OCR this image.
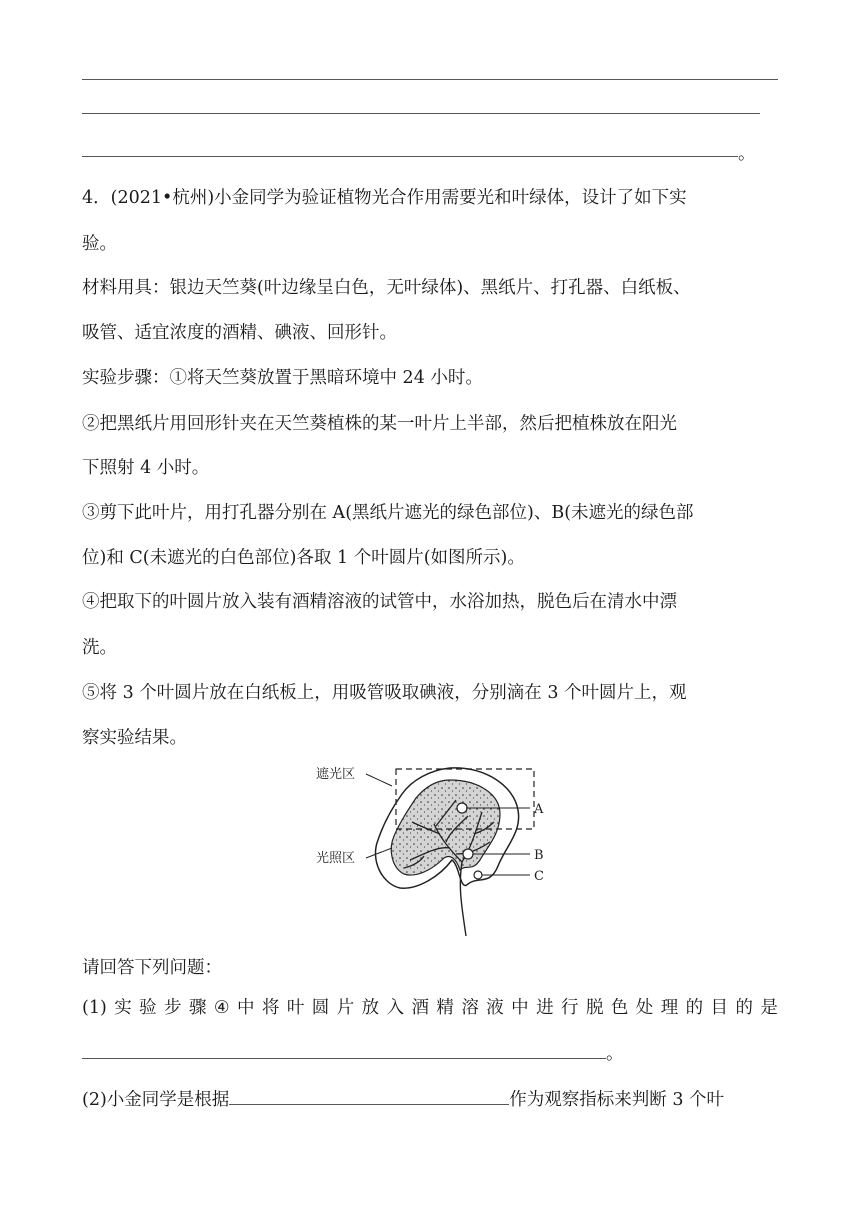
。
4．(2021•杭州)小金同学为验证植物光合作用需要光和叶绿体，设计了如下实
验。
材料用具：银边天竺葵(叶边缘呈白色，无叶绿体)、黑纸片、打孔器、白纸板、
吸管、适宜浓度的酒精、碘液、回形针。
实验步骤：①将天竺葵放置于黑暗环境中 24 小时。
②把黑纸片用回形针夹在天竺葵植株的某一叶片上半部，然后把植株放在阳光
下照射 4 小时。
③剪下此叶片，用打孔器分别在 A(黑纸片遮光的绿色部位)、B(未遮光的绿色部
位)和 C(未遮光的白色部位)各取 1 个叶圆片(如图所示)。
④把取下的叶圆片放入装有酒精溶液的试管中，水浴加热，脱色后在清水中漂
洗。
⑤将 3 个叶圆片放在白纸板上，用吸管吸取碘液，分别滴在 3 个叶圆片上，观
察实验结果。
遮光区
光照区
A
B
C
请回答下列问题：
(1) 实 验 步 骤 ④ 中 将 叶 圆 片 放 入 酒 精 溶 液 中 进 行 脱 色 处 理 的 目 的 是
。
(2)小金同学是根据	作为观察指标来判断 3 个叶
